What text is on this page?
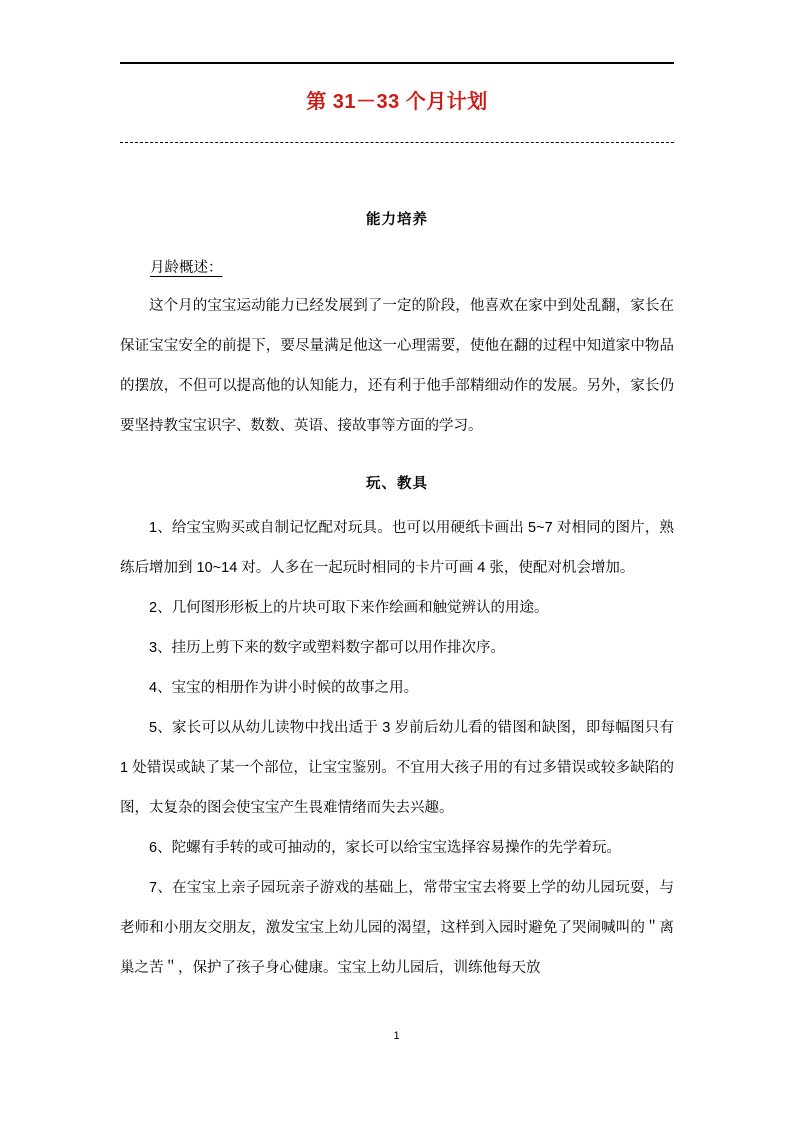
第 31－33 个月计划
能力培养
月龄概述：

这个月的宝宝运动能力已经发展到了一定的阶段，他喜欢在家中到处乱翻，家长在保证宝宝安全的前提下，要尽量满足他这一心理需要，使他在翻的过程中知道家中物品的摆放，不但可以提高他的认知能力，还有利于他手部精细动作的发展。另外，家长仍要坚持教宝宝识字、数数、英语、接故事等方面的学习。

玩、教具

1、给宝宝购买或自制记忆配对玩具。也可以用硬纸卡画出 5~7 对相同的图片，熟练后增加到 10~14 对。人多在一起玩时相同的卡片可画 4 张，使配对机会增加。

2、几何图形形板上的片块可取下来作绘画和触觉辨认的用途。

3、挂历上剪下来的数字或塑料数字都可以用作排次序。

4、宝宝的相册作为讲小时候的故事之用。

5、家长可以从幼儿读物中找出适于 3 岁前后幼儿看的错图和缺图，即每幅图只有 1 处错误或缺了某一个部位，让宝宝鉴别。不宜用大孩子用的有过多错误或较多缺陷的图，太复杂的图会使宝宝产生畏难情绪而失去兴趣。

6、陀螺有手转的或可抽动的，家长可以给宝宝选择容易操作的先学着玩。

7、在宝宝上亲子园玩亲子游戏的基础上，常带宝宝去将要上学的幼儿园玩耍，与老师和小朋友交朋友，激发宝宝上幼儿园的渴望，这样到入园时避免了哭闹喊叫的＂离巢之苦＂，保护了孩子身心健康。宝宝上幼儿园后，训练他每天放

1
